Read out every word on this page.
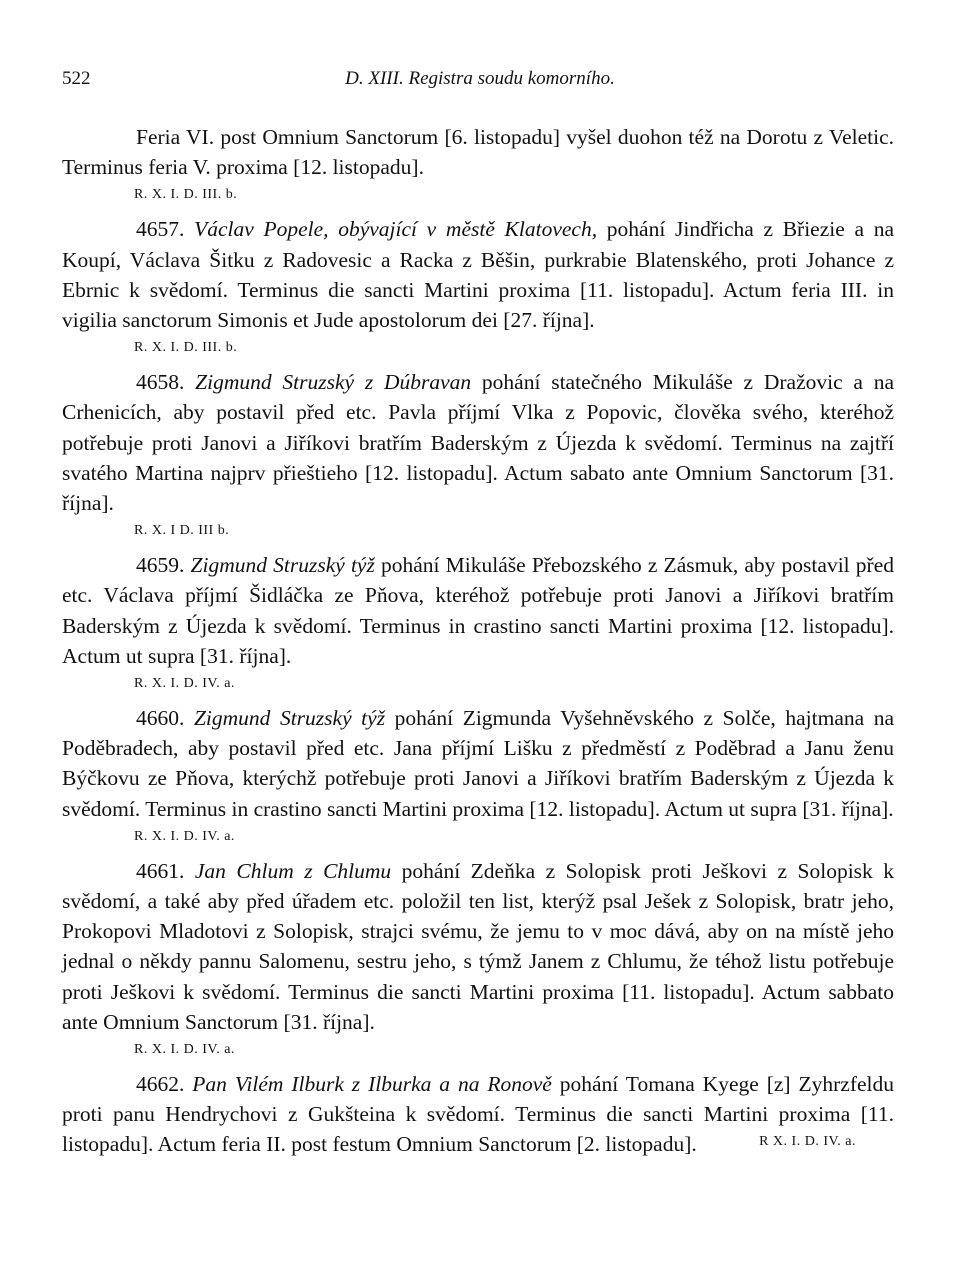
522	D. XIII. Registra soudu komorního.

Feria VI. post Omnium Sanctorum [6. listopadu] vyšel duohon též na Dorotu z Veletic. Terminus feria V. proxima [12. listopadu].

R. X. I. D. III. b.

4657. Václav Popele, obývající v městě Klatovech, pohání Jindřicha z Břiezie a na Koupí, Václava Šitku z Radovesic a Racka z Běšin, purkrabie Blatenského, proti Johance z Ebrnic k svědomí. Terminus die sancti Martini proxima [11. listopadu]. Actum feria III. in vigilia sanctorum Simonis et Jude apostolorum dei [27. října].

R. X. I. D. III. b.

4658. Zigmund Struzský z Dúbravan pohání statečného Mikuláše z Dražovic a na Crhenicích, aby postavil před etc. Pavla příjmí Vlka z Popovic, člověka svého, kteréhož potřebuje proti Janovi a Jiříkovi bratřím Baderským z Újezda k svědomí. Terminus na zajtří svatého Martina najprv přieštieho [12. listopadu]. Actum sabato ante Omnium Sanctorum [31. října].

R. X. I D. III b.

4659. Zigmund Struzský týž pohání Mikuláše Přebozského z Zásmuk, aby postavil před etc. Václava příjmí Šidláčka ze Pňova, kteréhož potřebuje proti Janovi a Jiříkovi bratřím Baderským z Újezda k svědomí. Terminus in crastino sancti Martini proxima [12. listopadu]. Actum ut supra [31. října].

R. X. I. D. IV. a.

4660. Zigmund Struzský týž pohání Zigmunda Vyšehněvského z Solče, hajtmana na Poděbradech, aby postavil před etc. Jana příjmí Lišku z předměstí z Poděbrad a Janu ženu Býčkovu ze Pňova, kterýchž potřebuje proti Janovi a Jiříkovi bratřím Baderským z Újezda k svědomí. Terminus in crastino sancti Martini proxima [12. listopadu]. Actum ut supra [31. října].

R. X. I. D. IV. a.

4661. Jan Chlum z Chlumu pohání Zdeňka z Solopisk proti Ješkovi z Solopisk k svědomí, a také aby před úřadem etc. položil ten list, kterýž psal Ješek z Solopisk, bratr jeho, Prokopovi Mladotovi z Solopisk, strajci svému, že jemu to v moc dává, aby on na místě jeho jednal o někdy pannu Salomenu, sestru jeho, s týmž Janem z Chlumu, že téhož listu potřebuje proti Ješkovi k svědomí. Terminus die sancti Martini proxima [11. listopadu]. Actum sabbato ante Omnium Sanctorum [31. října].

R. X. I. D. IV. a.

4662. Pan Vilém Ilburk z Ilburka a na Ronově pohání Tomana Kyege [z] Zyhrzfeldu proti panu Hendrychovi z Gukšteina k svědomí. Terminus die sancti Martini proxima [11. listopadu]. Actum feria II. post festum Omnium Sanctorum [2. listopadu].	R X. I. D. IV. a.
